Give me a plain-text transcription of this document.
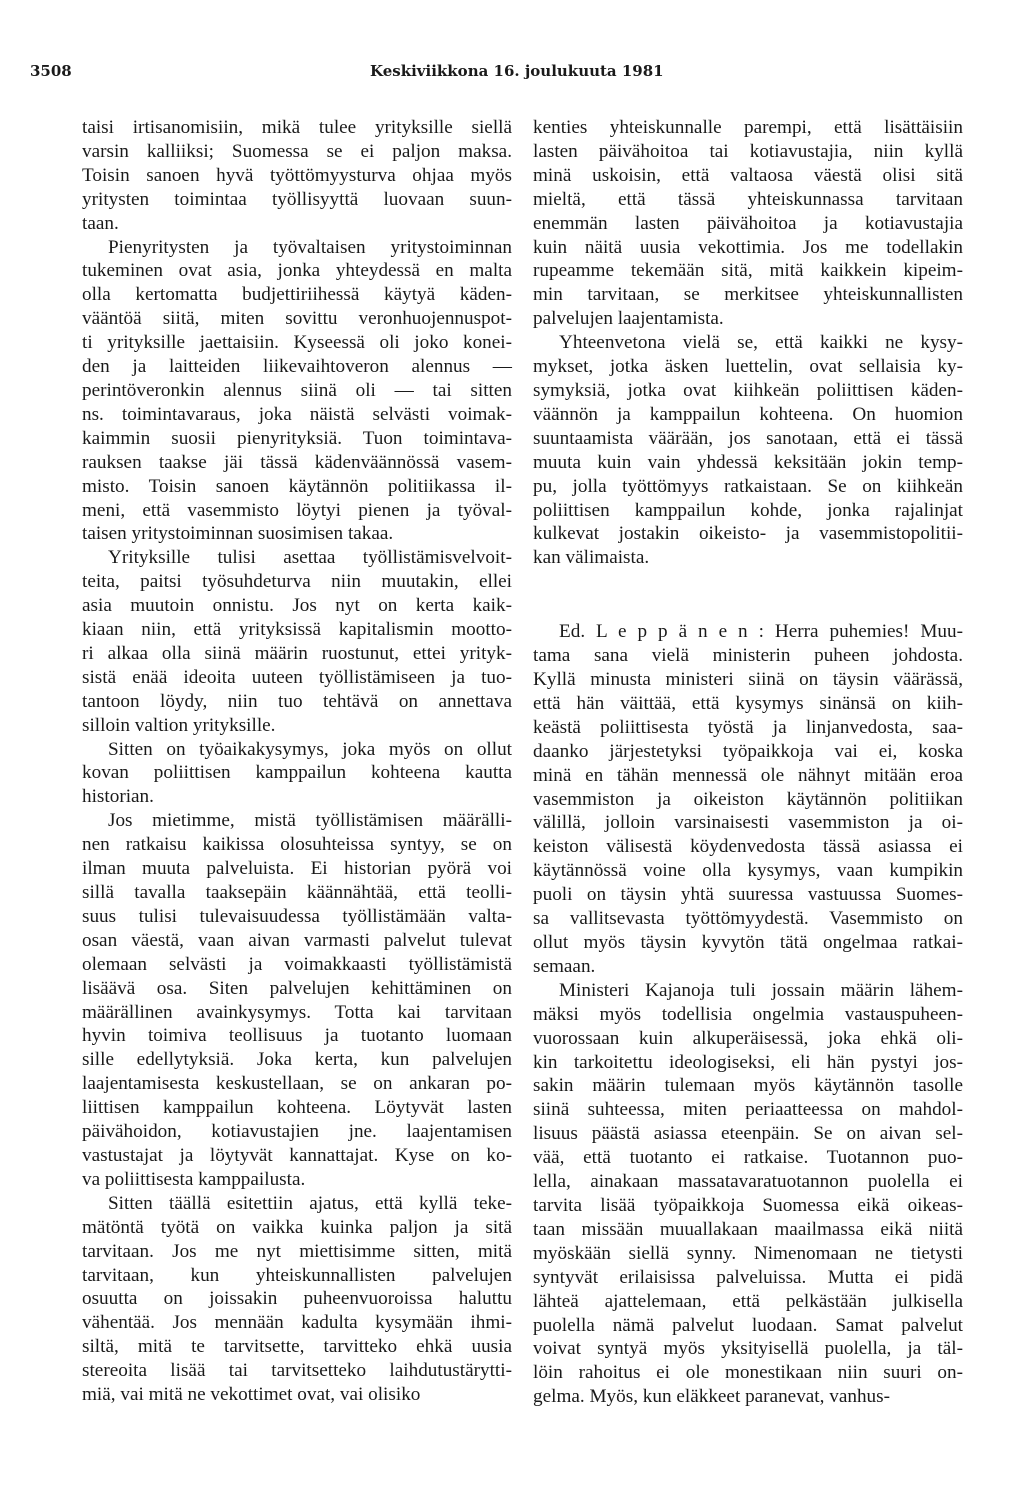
3508	Keskiviikkona 16. joulukuuta 1981

taisi irtisanomisiin, mikä tulee yrityksille siellä
varsin kalliiksi; Suomessa se ei paljon maksa.
Toisin sanoen hyvä työttömyysturva ohjaa myös
yritysten toimintaa työllisyyttä luovaan suun-
taan.

Pienyritysten ja työvaltaisen yritystoiminnan
tukeminen ovat asia, jonka yhteydessä en malta
olla kertomatta budjettiriihessä käytyä käden-
vääntöä siitä, miten sovittu veronhuojennuspot-
ti yrityksille jaettaisiin. Kyseessä oli joko konei-
den ja laitteiden liikevaihtoveron alennus —
perintöveronkin alennus siinä oli — tai sitten
ns. toimintavaraus, joka näistä selvästi voimak-
kaimmin suosii pienyrityksiä. Tuon toimintava-
rauksen taakse jäi tässä kädenväännössä vasem-
misto. Toisin sanoen käytännön politiikassa il-
meni, että vasemmisto löytyi pienen ja työval-
taisen yritystoiminnan suosimisen takaa.

Yrityksille tulisi asettaa työllistämisvelvoit-
teita, paitsi työsuhdeturva niin muutakin, ellei
asia muutoin onnistu. Jos nyt on kerta kaik-
kiaan niin, että yrityksissä kapitalismin mootto-
ri alkaa olla siinä määrin ruostunut, ettei yrityk-
sistä enää ideoita uuteen työllistämiseen ja tuo-
tantoon löydy, niin tuo tehtävä on annettava
silloin valtion yrityksille.

Sitten on työaikakysymys, joka myös on ollut
kovan poliittisen kamppailun kohteena kautta
historian.

Jos mietimme, mistä työllistämisen määrälli-
nen ratkaisu kaikissa olosuhteissa syntyy, se on
ilman muuta palveluista. Ei historian pyörä voi
sillä tavalla taaksepäin käännähtää, että teolli-
suus tulisi tulevaisuudessa työllistämään valta-
osan väestä, vaan aivan varmasti palvelut tulevat
olemaan selvästi ja voimakkaasti työllistämistä
lisäävä osa. Siten palvelujen kehittäminen on
määrällinen avainkysymys. Totta kai tarvitaan
hyvin toimiva teollisuus ja tuotanto luomaan
sille edellytyksiä. Joka kerta, kun palvelujen
laajentamisesta keskustellaan, se on ankaran po-
liittisen kamppailun kohteena. Löytyvät lasten
päivähoidon, kotiavustajien jne. laajentamisen
vastustajat ja löytyvät kannattajat. Kyse on ko-
va poliittisesta kamppailusta.

Sitten täällä esitettiin ajatus, että kyllä teke-
mätöntä työtä on vaikka kuinka paljon ja sitä
tarvitaan. Jos me nyt miettisimme sitten, mitä
tarvitaan, kun yhteiskunnallisten palvelujen
osuutta on joissakin puheenvuoroissa haluttu
vähentää. Jos mennään kadulta kysymään ihmi-
siltä, mitä te tarvitsette, tarvitteko ehkä uusia
stereoita lisää tai tarvitsetteko laihdutustärytti-
miä, vai mitä ne vekottimet ovat, vai olisiko

kenties yhteiskunnalle parempi, että lisättäisiin
lasten päivähoitoa tai kotiavustajia, niin kyllä
minä uskoisin, että valtaosa väestä olisi sitä
mieltä, että tässä yhteiskunnassa tarvitaan
enemmän lasten päivähoitoa ja kotiavustajia
kuin näitä uusia vekottimia. Jos me todellakin
rupeamme tekemään sitä, mitä kaikkein kipeim-
min tarvitaan, se merkitsee yhteiskunnallisten
palvelujen laajentamista.

Yhteenvetona vielä se, että kaikki ne kysy-
mykset, jotka äsken luettelin, ovat sellaisia ky-
symyksiä, jotka ovat kiihkeän poliittisen käden-
väännön ja kamppailun kohteena. On huomion
suuntaamista väärään, jos sanotaan, että ei tässä
muuta kuin vain yhdessä keksitään jokin temp-
pu, jolla työttömyys ratkaistaan. Se on kiihkeän
poliittisen kamppailun kohde, jonka rajalinjat
kulkevat jostakin oikeisto- ja vasemmistopolitii-
kan välimaista.

Ed. L e p p ä n e n : Herra puhemies! Muu-
tama sana vielä ministerin puheen johdosta.
Kyllä minusta ministeri siinä on täysin väärässä,
että hän väittää, että kysymys sinänsä on kiih-
keästä poliittisesta työstä ja linjanvedosta, saa-
daanko järjestetyksi työpaikkoja vai ei, koska
minä en tähän mennessä ole nähnyt mitään eroa
vasemmiston ja oikeiston käytännön politiikan
välillä, jolloin varsinaisesti vasemmiston ja oi-
keiston välisestä köydenvedosta tässä asiassa ei
käytännössä voine olla kysymys, vaan kumpikin
puoli on täysin yhtä suuressa vastuussa Suomes-
sa vallitsevasta työttömyydestä. Vasemmisto on
ollut myös täysin kyvytön tätä ongelmaa ratkai-
semaan.

Ministeri Kajanoja tuli jossain määrin lähem-
mäksi myös todellisia ongelmia vastauspuheen-
vuorossaan kuin alkuperäisessä, joka ehkä oli-
kin tarkoitettu ideologiseksi, eli hän pystyi jos-
sakin määrin tulemaan myös käytännön tasolle
siinä suhteessa, miten periaatteessa on mahdol-
lisuus päästä asiassa eteenpäin. Se on aivan sel-
vää, että tuotanto ei ratkaise. Tuotannon puo-
lella, ainakaan massatavaratuotannon puolella ei
tarvita lisää työpaikkoja Suomessa eikä oikeas-
taan missään muuallakaan maailmassa eikä niitä
myöskään siellä synny. Nimenomaan ne tietysti
syntyvät erilaisissa palveluissa. Mutta ei pidä
lähteä ajattelemaan, että pelkästään julkisella
puolella nämä palvelut luodaan. Samat palvelut
voivat syntyä myös yksityisellä puolella, ja täl-
löin rahoitus ei ole monestikaan niin suuri on-
gelma. Myös, kun eläkkeet paranevat, vanhus-
